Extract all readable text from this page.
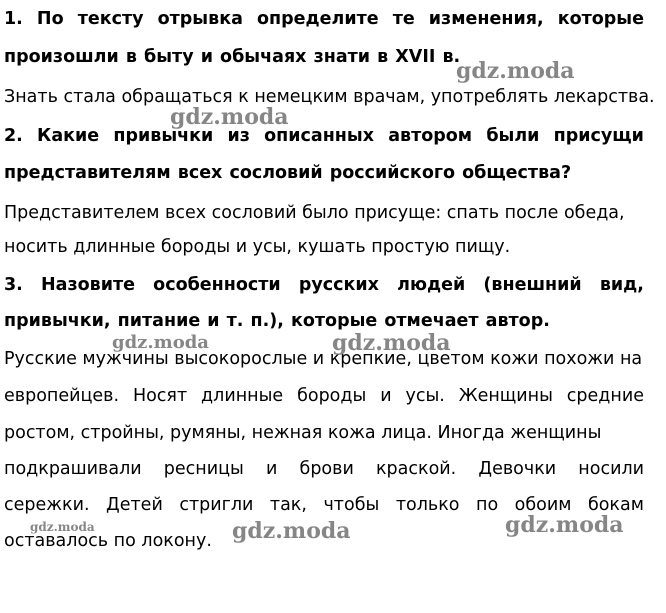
1. По тексту отрывка определите те изменения, которые
произошли в быту и обычаях знати в XVII в.
Знать стала обращаться к немецким врачам, употреблять лекарства.
2. Какие привычки из описанных автором были присущи
представителям всех сословий российского общества?
Представителем всех сословий было присуще: спать после обеда,
носить длинные бороды и усы, кушать простую пищу.
3. Назовите особенности русских людей (внешний вид,
привычки, питание и т. п.), которые отмечает автор.
Русские мужчины высокорослые и крепкие, цветом кожи похожи на
европейцев. Носят длинные бороды и усы. Женщины средние
ростом, стройны, румяны, нежная кожа лица. Иногда женщины
подкрашивали ресницы и брови краской. Девочки носили
сережки. Детей стригли так, чтобы только по обоим бокам
оставалось по локону.
gdz.moda
gdz.moda
gdz.moda
gdz.moda
gdz.moda
gdz.moda
gdz.moda
